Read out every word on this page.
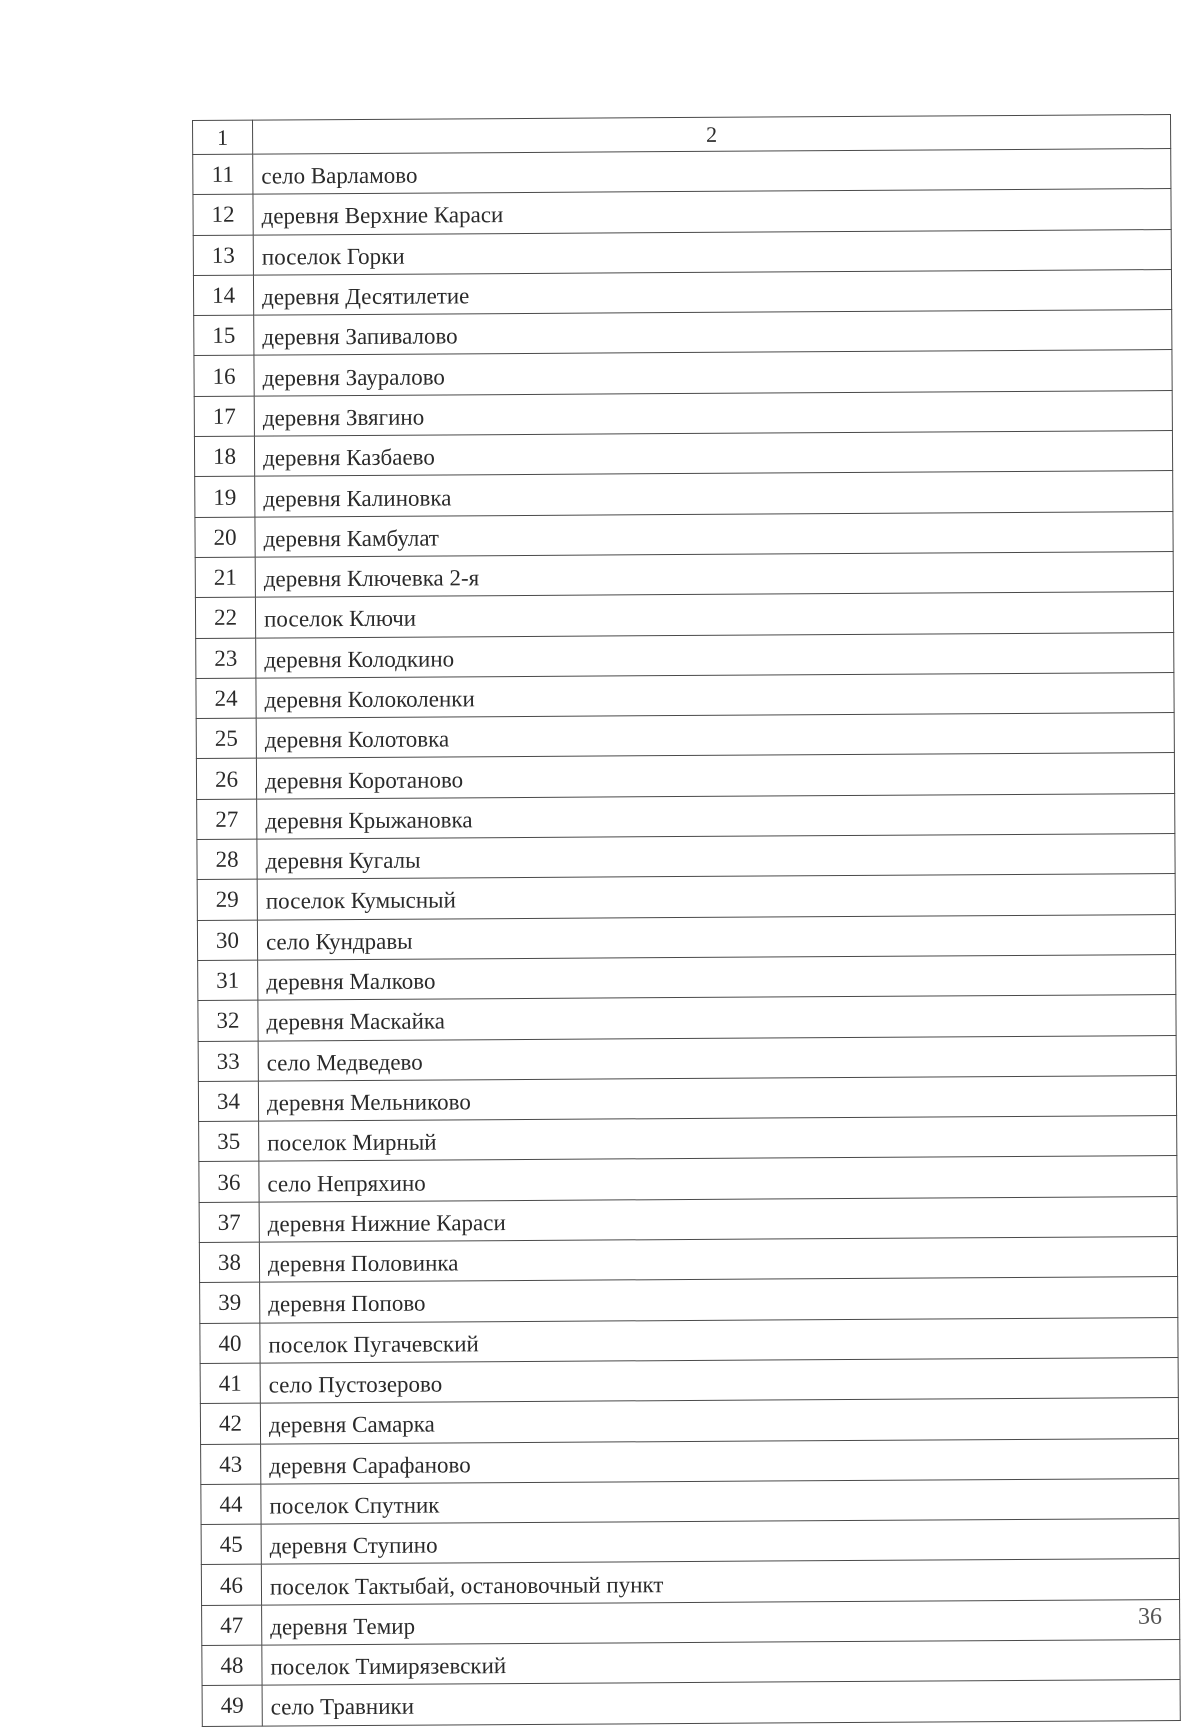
1	2
11	село Варламово
12	деревня Верхние Караси
13	поселок Горки
14	деревня Десятилетие
15	деревня Запивалово
16	деревня Зауралово
17	деревня Звягино
18	деревня Казбаево
19	деревня Калиновка
20	деревня Камбулат
21	деревня Ключевка 2-я
22	поселок Ключи
23	деревня Колодкино
24	деревня Колоколенки
25	деревня Колотовка
26	деревня Коротаново
27	деревня Крыжановка
28	деревня Кугалы
29	поселок Кумысный
30	село Кундравы
31	деревня Малково
32	деревня Маскайка
33	село Медведево
34	деревня Мельниково
35	поселок Мирный
36	село Непряхино
37	деревня Нижние Караси
38	деревня Половинка
39	деревня Попово
40	поселок Пугачевский
41	село Пустозерово
42	деревня Самарка
43	деревня Сарафаново
44	поселок Спутник
45	деревня Ступино
46	поселок Тактыбай, остановочный пункт
47	деревня Темир
48	поселок Тимирязевский
49	село Травники
36
